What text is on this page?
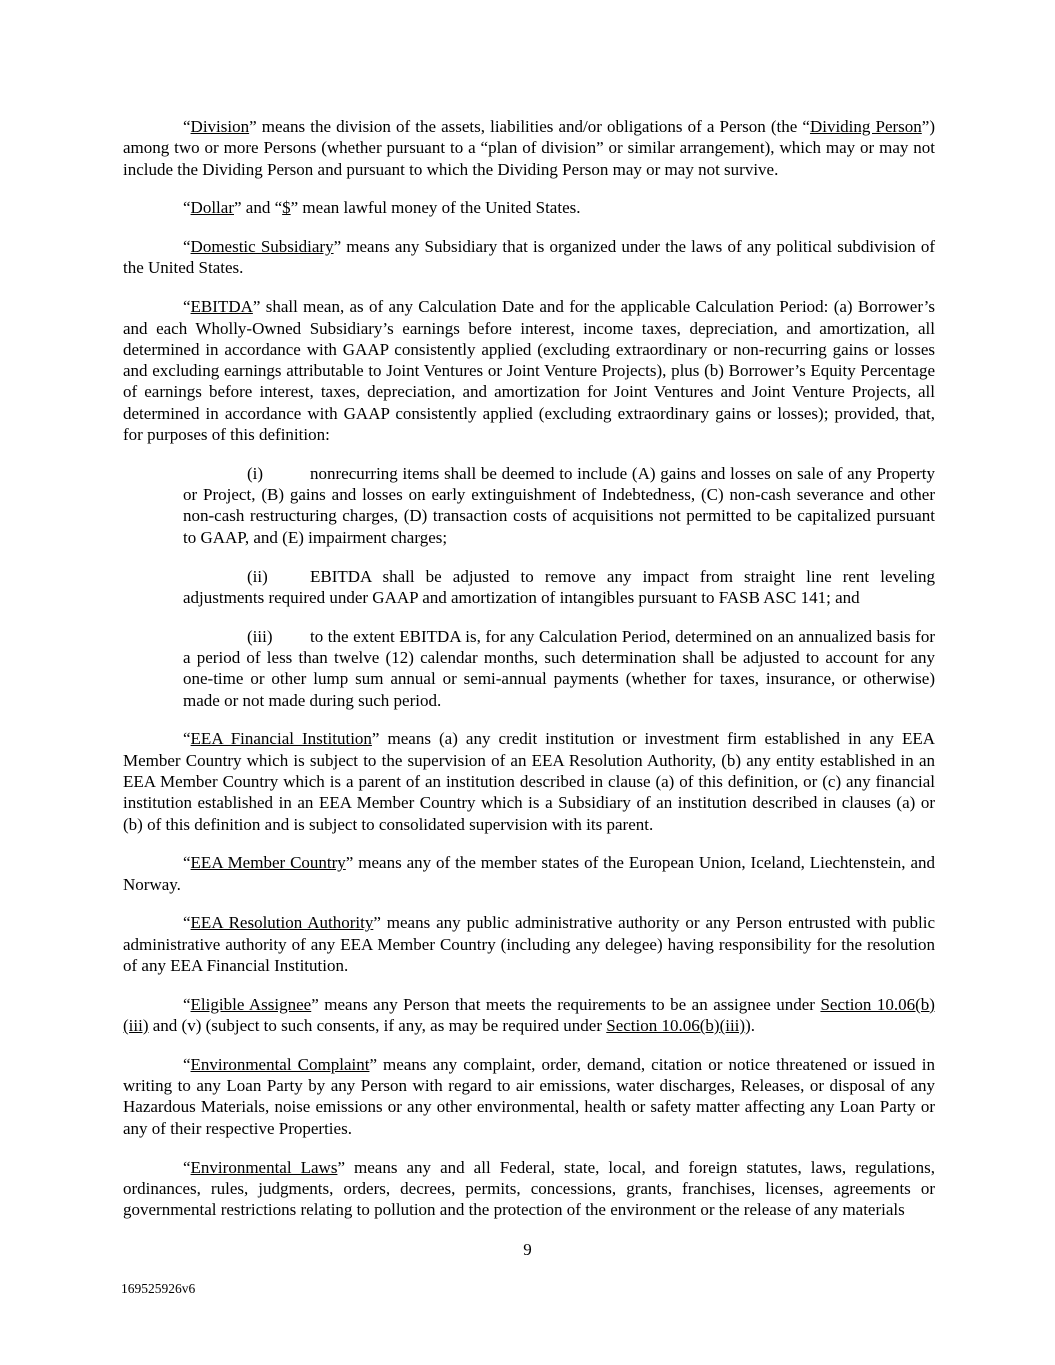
“Division” means the division of the assets, liabilities and/or obligations of a Person (the “Dividing Person”) among two or more Persons (whether pursuant to a “plan of division” or similar arrangement), which may or may not include the Dividing Person and pursuant to which the Dividing Person may or may not survive.

“Dollar” and “$” mean lawful money of the United States.

“Domestic Subsidiary” means any Subsidiary that is organized under the laws of any political subdivision of the United States.

“EBITDA” shall mean, as of any Calculation Date and for the applicable Calculation Period: (a) Borrower’s and each Wholly-Owned Subsidiary’s earnings before interest, income taxes, depreciation, and amortization, all determined in accordance with GAAP consistently applied (excluding extraordinary or non-recurring gains or losses and excluding earnings attributable to Joint Ventures or Joint Venture Projects), plus (b) Borrower’s Equity Percentage of earnings before interest, taxes, depreciation, and amortization for Joint Ventures and Joint Venture Projects, all determined in accordance with GAAP consistently applied (excluding extraordinary gains or losses); provided, that, for purposes of this definition:

(i)	nonrecurring items shall be deemed to include (A) gains and losses on sale of any Property or Project, (B) gains and losses on early extinguishment of Indebtedness, (C) non-cash severance and other non-cash restructuring charges, (D) transaction costs of acquisitions not permitted to be capitalized pursuant to GAAP, and (E) impairment charges;

(ii) EBITDA shall be adjusted to remove any impact from straight line rent leveling adjustments required under GAAP and amortization of intangibles pursuant to FASB ASC 141; and

(iii) to the extent EBITDA is, for any Calculation Period, determined on an annualized basis for a period of less than twelve (12) calendar months, such determination shall be adjusted to account for any one-time or other lump sum annual or semi-annual payments (whether for taxes, insurance, or otherwise) made or not made during such period.

“EEA Financial Institution” means (a) any credit institution or investment firm established in any EEA Member Country which is subject to the supervision of an EEA Resolution Authority, (b) any entity established in an EEA Member Country which is a parent of an institution described in clause (a) of this definition, or (c) any financial institution established in an EEA Member Country which is a Subsidiary of an institution described in clauses (a) or (b) of this definition and is subject to consolidated supervision with its parent.

“EEA Member Country” means any of the member states of the European Union, Iceland, Liechtenstein, and Norway.

“EEA Resolution Authority” means any public administrative authority or any Person entrusted with public administrative authority of any EEA Member Country (including any delegee) having responsibility for the resolution of any EEA Financial Institution.

“Eligible Assignee” means any Person that meets the requirements to be an assignee under Section 10.06(b)(iii) and (v) (subject to such consents, if any, as may be required under Section 10.06(b)(iii)).

“Environmental Complaint” means any complaint, order, demand, citation or notice threatened or issued in writing to any Loan Party by any Person with regard to air emissions, water discharges, Releases, or disposal of any Hazardous Materials, noise emissions or any other environmental, health or safety matter affecting any Loan Party or any of their respective Properties.

“Environmental Laws” means any and all Federal, state, local, and foreign statutes, laws, regulations, ordinances, rules, judgments, orders, decrees, permits, concessions, grants, franchises, licenses, agreements or governmental restrictions relating to pollution and the protection of the environment or the release of any materials

9
169525926v6
